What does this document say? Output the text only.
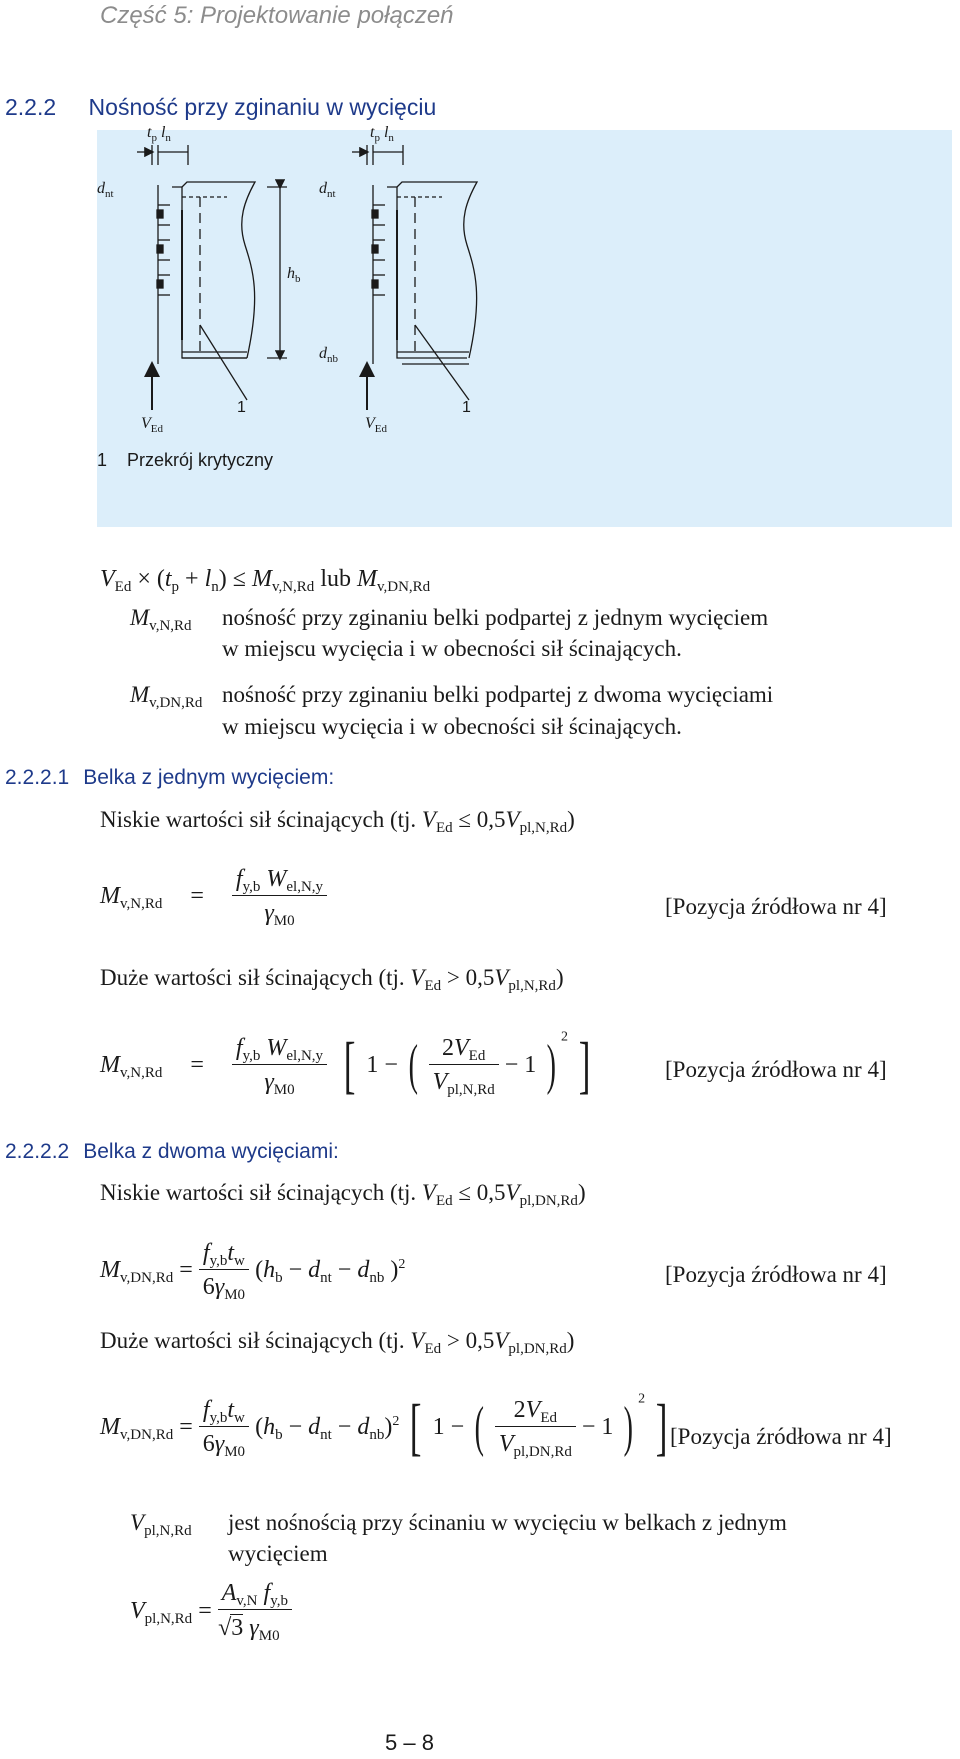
Część 5: Projektowanie połączeń
2.2.2 Nośność przy zginaniu w wycięciu
$t_p$ $l_n$	$t_p$ $l_n$
$d_{nt}$	$d_{nt}$
$h_b$
$d_{nb}$
$V_{Ed}$	$V_{Ed}$
1	1
1 Przekrój krytyczny
$V_{Ed} \times (t_p + l_n) \le M_{v,N,Rd}$ lub $M_{v,DN,Rd}$
$M_{v,N,Rd}$ nośność przy zginaniu belki podpartej z jednym wycięciem
w miejscu wycięcia i w obecności sił ścinających.
$M_{v,DN,Rd}$ nośność przy zginaniu belki podpartej z dwoma wycięciami
w miejscu wycięcia i w obecności sił ścinających.
2.2.2.1 Belka z jednym wycięciem:
Niskie wartości sił ścinających (tj. $V_{Ed} \le 0,5V_{pl,N,Rd}$)
$M_{v,N,Rd} = \frac{f_{y,b} W_{el,N,y}}{\gamma_{M0}}$	[Pozycja źródłowa nr 4]
Duże wartości sił ścinających (tj. $V_{Ed} > 0,5V_{pl,N,Rd}$)
$M_{v,N,Rd} = \frac{f_{y,b} W_{el,N,y}}{\gamma_{M0}}$ [ 1 − ( $\frac{2V_{Ed}}{V_{pl,N,Rd}} - 1$ ) $^2$ ]	[Pozycja źródłowa nr 4]
2.2.2.2 Belka z dwoma wycięciami:
Niskie wartości sił ścinających (tj. $V_{Ed} \le 0,5V_{pl,DN,Rd}$)
$M_{v,DN,Rd} = \frac{f_{y,b}t_w}{6\gamma_{M0}} (h_b - d_{nt} - d_{nb}$ )$^2$	[Pozycja źródłowa nr 4]
Duże wartości sił ścinających (tj. $V_{Ed} > 0,5V_{pl,DN,Rd}$)
$M_{v,DN,Rd} = \frac{f_{y,b}t_w}{6\gamma_{M0}} (h_b - d_{nt} - d_{nb})^2$ [ 1 − ( $\frac{2V_{Ed}}{V_{pl,DN,Rd}} - 1$ ) $^2$ ] [Pozycja źródłowa nr 4]
$V_{pl,N,Rd}$ jest nośnością przy ścinaniu w wycięciu w belkach z jednym
wycięciem
$V_{pl,N,Rd} = \frac{A_{v,N} f_{y,b}}{√3 \gamma_{M0}}$
5 – 8
